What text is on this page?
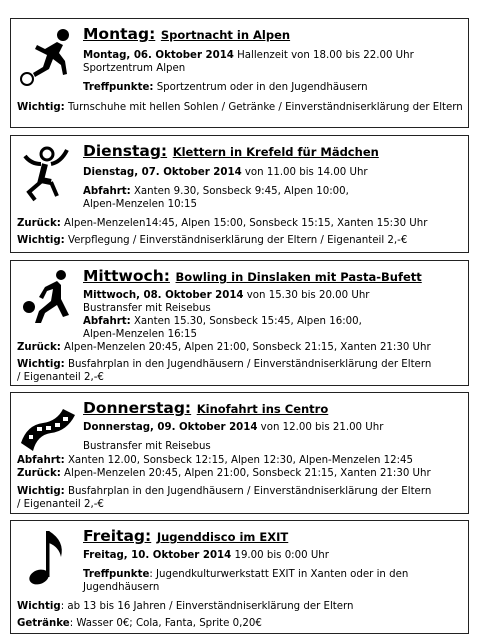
Montag: Sportnacht in Alpen
Montag, 06. Oktober 2014 Hallenzeit von 18.00 bis 22.00 Uhr
Sportzentrum Alpen
Treffpunkte: Sportzentrum oder in den Jugendhäusern
Wichtig: Turnschuhe mit hellen Sohlen / Getränke / Einverständniserklärung der Eltern
Dienstag: Klettern in Krefeld für Mädchen
Dienstag, 07. Oktober 2014 von 11.00 bis 14.00 Uhr
Abfahrt: Xanten 9.30, Sonsbeck 9:45, Alpen 10:00,
Alpen-Menzelen 10:15
Zurück: Alpen-Menzelen14:45, Alpen 15:00, Sonsbeck 15:15, Xanten 15:30 Uhr
Wichtig: Verpflegung / Einverständniserklärung der Eltern / Eigenanteil 2,-€
Mittwoch: Bowling in Dinslaken mit Pasta-Bufett
Mittwoch, 08. Oktober 2014 von 15.30 bis 20.00 Uhr
Bustransfer mit Reisebus
Abfahrt: Xanten 15.30, Sonsbeck 15:45, Alpen 16:00,
Alpen-Menzelen 16:15
Zurück: Alpen-Menzelen 20:45, Alpen 21:00, Sonsbeck 21:15, Xanten 21:30 Uhr
Wichtig: Busfahrplan in den Jugendhäusern / Einverständniserklärung der Eltern
/ Eigenanteil 2,-€
Donnerstag: Kinofahrt ins Centro
Donnerstag, 09. Oktober 2014 von 12.00 bis 21.00 Uhr
Bustransfer mit Reisebus
Abfahrt: Xanten 12.00, Sonsbeck 12:15, Alpen 12:30, Alpen-Menzelen 12:45
Zurück: Alpen-Menzelen 20:45, Alpen 21:00, Sonsbeck 21:15, Xanten 21:30 Uhr
Wichtig: Busfahrplan in den Jugendhäusern / Einverständniserklärung der Eltern
/ Eigenanteil 2,-€
Freitag: Jugenddisco im EXIT
Freitag, 10. Oktober 2014 19.00 bis 0:00 Uhr
Treffpunkte: Jugendkulturwerkstatt EXIT in Xanten oder in den
Jugendhäusern
Wichtig: ab 13 bis 16 Jahren / Einverständniserklärung der Eltern
Getränke: Wasser 0€; Cola, Fanta, Sprite 0,20€
